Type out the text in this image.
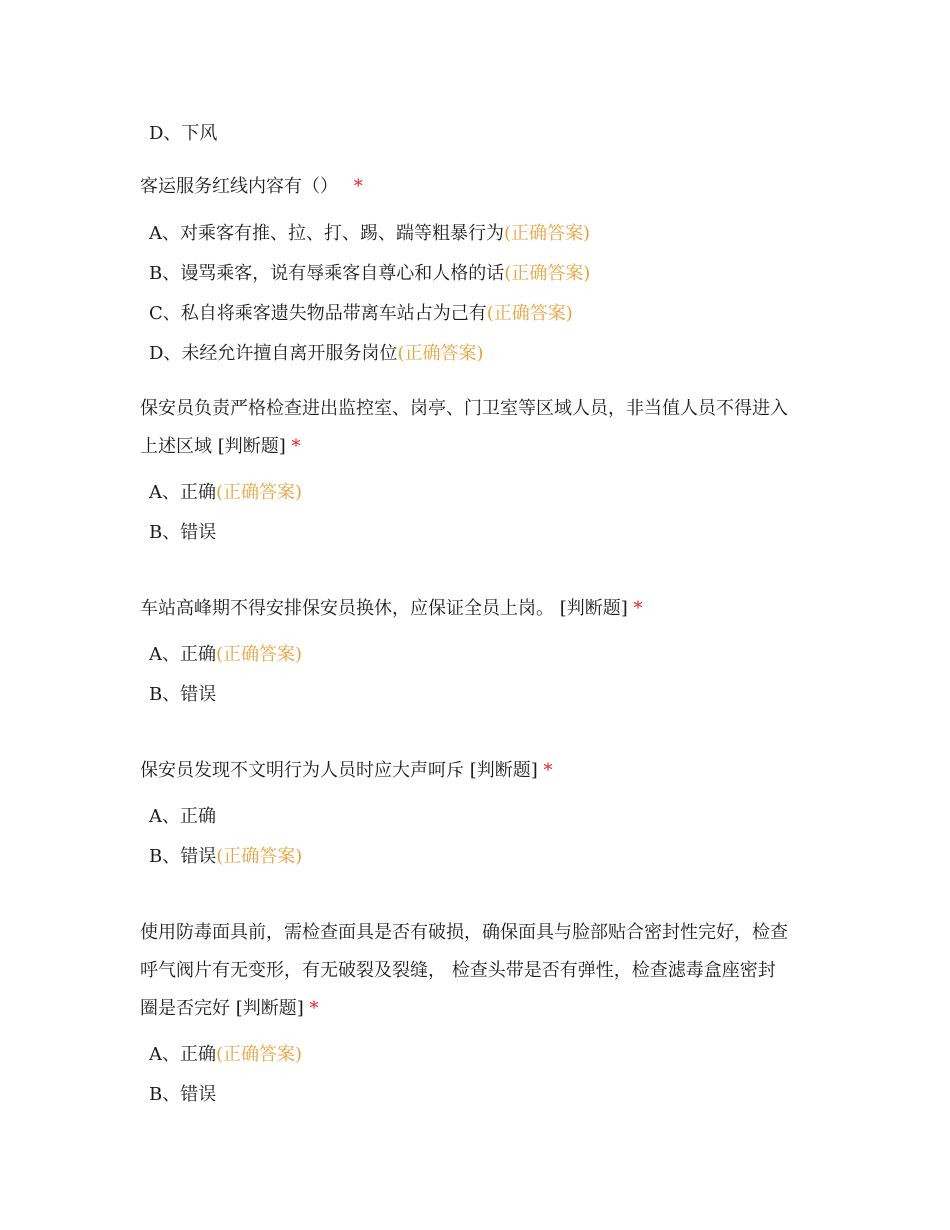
D、下风
客运服务红线内容有（） *
A、对乘客有推、拉、打、踢、踹等粗暴行为(正确答案)
B、谩骂乘客，说有辱乘客自尊心和人格的话(正确答案)
C、私自将乘客遗失物品带离车站占为己有(正确答案)
D、未经允许擅自离开服务岗位(正确答案)
保安员负责严格检查进出监控室、岗亭、门卫室等区域人员，非当值人员不得进入
上述区域 [判断题] *
A、正确(正确答案)
B、错误
车站高峰期不得安排保安员换休，应保证全员上岗。 [判断题] *
A、正确(正确答案)
B、错误
保安员发现不文明行为人员时应大声呵斥 [判断题] *
A、正确
B、错误(正确答案)
使用防毒面具前，需检查面具是否有破损，确保面具与脸部贴合密封性完好，检查
呼气阀片有无变形，有无破裂及裂缝， 检查头带是否有弹性，检查滤毒盒座密封
圈是否完好 [判断题] *
A、正确(正确答案)
B、错误
